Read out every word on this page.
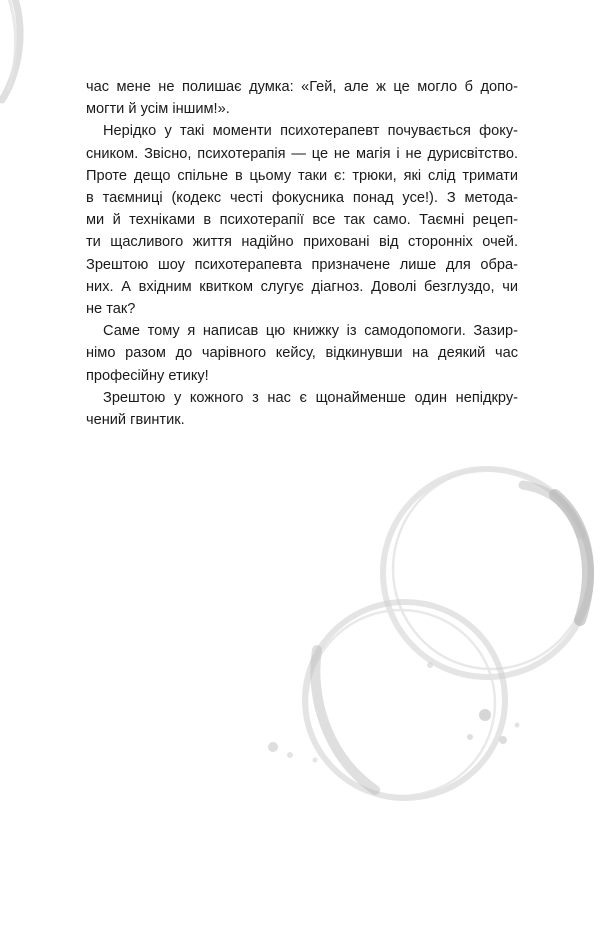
час мене не полишає думка: «Гей, але ж це могло б допо-
могти й усім іншим!».
Нерідко у такі моменти психотерапевт почувається фоку-
сником. Звісно, психотерапія — це не магія і не дурисвітство.
Проте дещо спільне в цьому таки є: трюки, які слід тримати
в таємниці (кодекс честі фокусника понад усе!). З методa-
ми й техніками в психотерапії все так само. Таємні рецеп-
ти щасливого життя надійно приховані від сторонніх очей.
Зрештою шоу психотерапевта призначене лише для обра-
них. А вхідним квитком слугує діагноз. Доволі безглуздо, чи
не так?
Саме тому я написав цю книжку із самодопомоги. Зазир-
німо разом до чарівного кейсу, відкинувши на деякий час
професійну етику!
Зрештою у кожного з нас є щонайменше один непідкру-
чений гвинтик.
